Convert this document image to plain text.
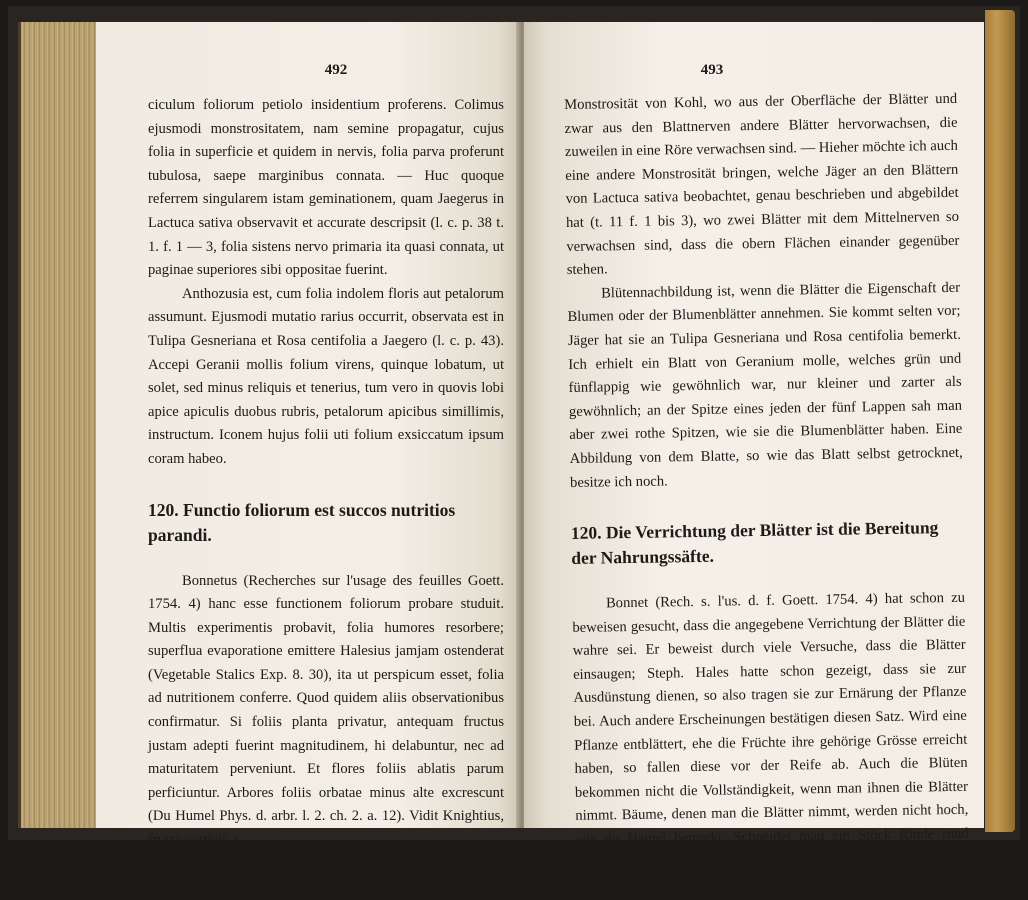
492

ciculum foliorum petiolo insidentium proferens. Colimus ejusmodi monstrositatem, nam semine propagatur, cujus folia in superficie et quidem in nervis, folia parva proferunt tubulosa, saepe marginibus connata. — Huc quoque referrem singularem istam geminationem, quam Jaegerus in Lactuca sativa observavit et accurate descripsit (l. c. p. 38 t. 1. f. 1 — 3, folia sistens nervo primaria ita quasi connata, ut paginae superiores sibi oppositae fuerint.

Anthozusia est, cum folia indolem floris aut petalorum assumunt. Ejusmodi mutatio rarius occurrit, observata est in Tulipa Gesneriana et Rosa centifolia a Jaegero (l. c. p. 43). Accepi Geranii mollis folium virens, quinque lobatum, ut solet, sed minus reliquis et tenerius, tum vero in quovis lobi apice apiculis duobus rubris, petalorum apicibus simillimis, instructum. Iconem hujus folii uti folium exsiccatum ipsum coram habeo.

120. Functio foliorum est succos nutritios parandi.

Bonnetus (Recherches sur l'usage des feuilles Goett. 1754. 4) hanc esse functionem foliorum probare studuit. Multis experimentis probavit, folia humores resorbere; superflua evaporatione emittere Halesius jamjam ostenderat (Vegetable Stalics Exp. 8. 30), ita ut perspicum esset, folia ad nutritionem conferre. Quod quidem aliis observationibus confirmatur. Si foliis planta privatur, antequam fructus justam adepti fuerint magnitudinem, hi delabuntur, nec ad maturitatem perveniunt. Et flores foliis ablatis parum perficiuntur. Arbores foliis orbatae minus alte excrescunt (Du Humel Phys. d. arbr. l. 2. ch. 2. a. 12). Vidit Knightius, frusta corticis a

493

Monstrosität von Kohl, wo aus der Oberfläche der Blätter und zwar aus den Blattnerven andere Blätter hervorwachsen, die zuweilen in eine Röre verwachsen sind. — Hieher möchte ich auch eine andere Monstrosität bringen, welche Jäger an den Blättern von Lactuca sativa beobachtet, genau beschrieben und abgebildet hat (t. 11 f. 1 bis 3), wo zwei Blätter mit dem Mittelnerven so verwachsen sind, dass die obern Flächen einander gegenüber stehen.

Blütennachbildung ist, wenn die Blätter die Eigenschaft der Blumen oder der Blumenblätter annehmen. Sie kommt selten vor; Jäger hat sie an Tulipa Gesneriana und Rosa centifolia bemerkt. Ich erhielt ein Blatt von Geranium molle, welches grün und fünflappig wie gewöhnlich war, nur kleiner und zarter als gewöhnlich; an der Spitze eines jeden der fünf Lappen sah man aber zwei rothe Spitzen, wie sie die Blumenblätter haben. Eine Abbildung von dem Blatte, so wie das Blatt selbst getrocknet, besitze ich noch.

120. Die Verrichtung der Blätter ist die Bereitung der Nahrungssäfte.

Bonnet (Rech. s. l'us. d. f. Goett. 1754. 4) hat schon zu beweisen gesucht, dass die angegebene Verrichtung der Blätter die wahre sei. Er beweist durch viele Versuche, dass die Blätter einsaugen; Steph. Hales hatte schon gezeigt, dass sie zur Ausdünstung dienen, so also tragen sie zur Ernärung der Pflanze bei. Auch andere Erscheinungen bestätigen diesen Satz. Wird eine Pflanze entblättert, ehe die Früchte ihre gehörige Grösse erreicht haben, so fallen diese vor der Reife ab. Auch die Blüten bekommen nicht die Vollständigkeit, wenn man ihnen die Blätter nimmt. Bäume, denen man die Blätter nimmt, werden nicht hoch, wie du Hamel bemerkt. Schneidet man ein Stück Rinde rund umher von der übrigen Rinde los, so bleibt dieses Stück länger grün, wenn
